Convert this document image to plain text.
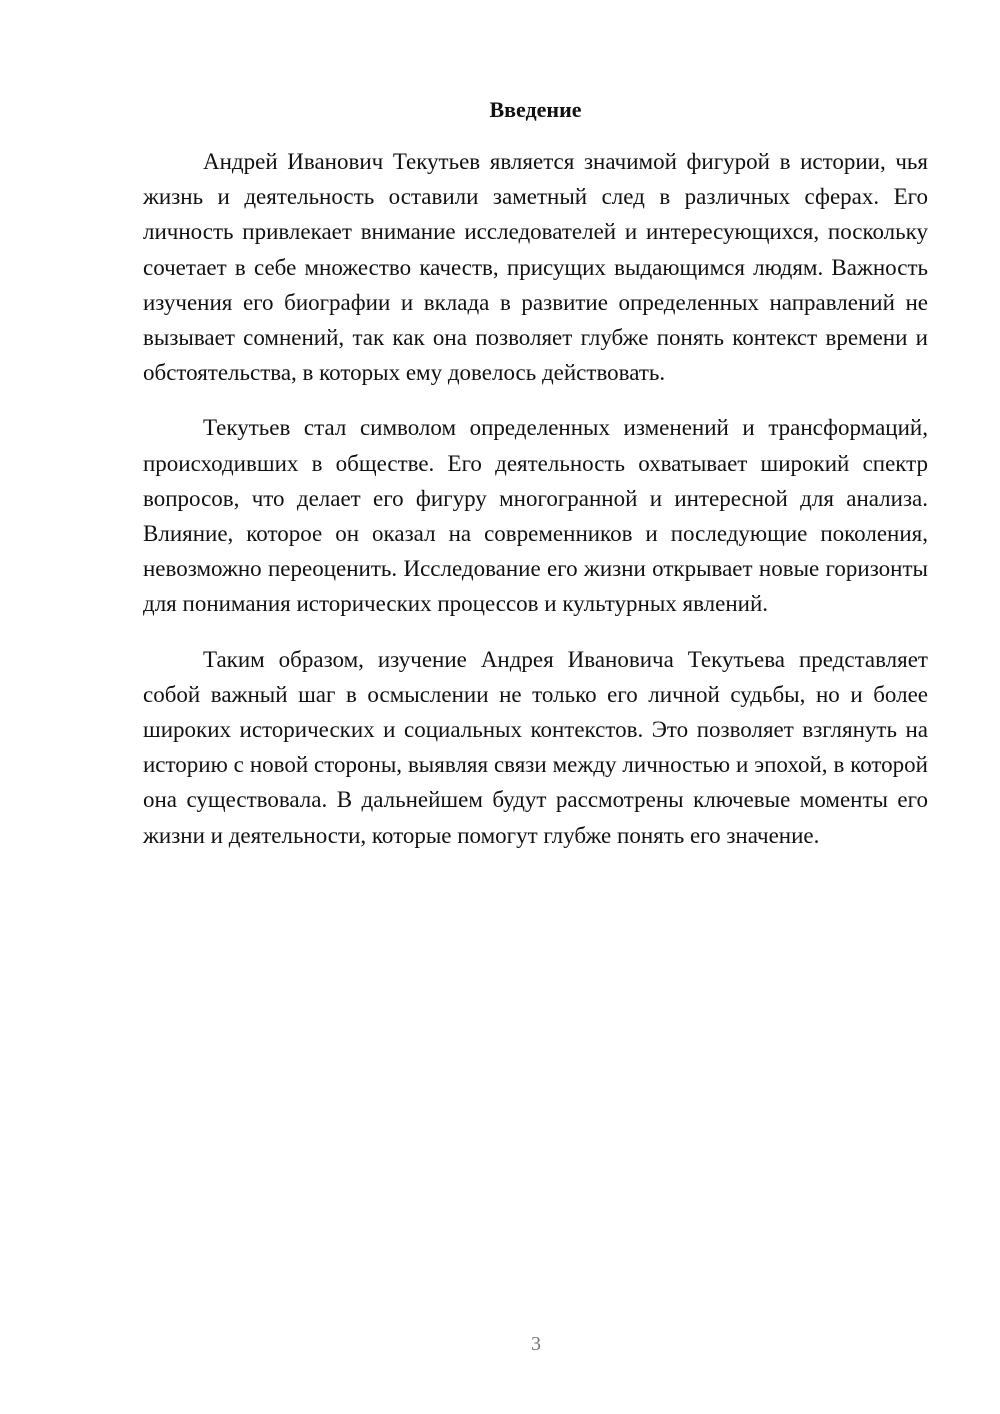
Введение

Андрей Иванович Текутьев является значимой фигурой в истории, чья жизнь и деятельность оставили заметный след в различных сферах. Его личность привлекает внимание исследователей и интересующихся, поскольку сочетает в себе множество качеств, присущих выдающимся людям. Важность изучения его биографии и вклада в развитие определенных направлений не вызывает сомнений, так как она позволяет глубже понять контекст времени и обстоятельства, в которых ему довелось действовать.

Текутьев стал символом определенных изменений и трансформаций, происходивших в обществе. Его деятельность охватывает широкий спектр вопросов, что делает его фигуру многогранной и интересной для анализа. Влияние, которое он оказал на современников и последующие поколения, невозможно переоценить. Исследование его жизни открывает новые горизонты для понимания исторических процессов и культурных явлений.

Таким образом, изучение Андрея Ивановича Текутьева представляет собой важный шаг в осмыслении не только его личной судьбы, но и более широких исторических и социальных контекстов. Это позволяет взглянуть на историю с новой стороны, выявляя связи между личностью и эпохой, в которой она существовала. В дальнейшем будут рассмотрены ключевые моменты его жизни и деятельности, которые помогут глубже понять его значение.

3
